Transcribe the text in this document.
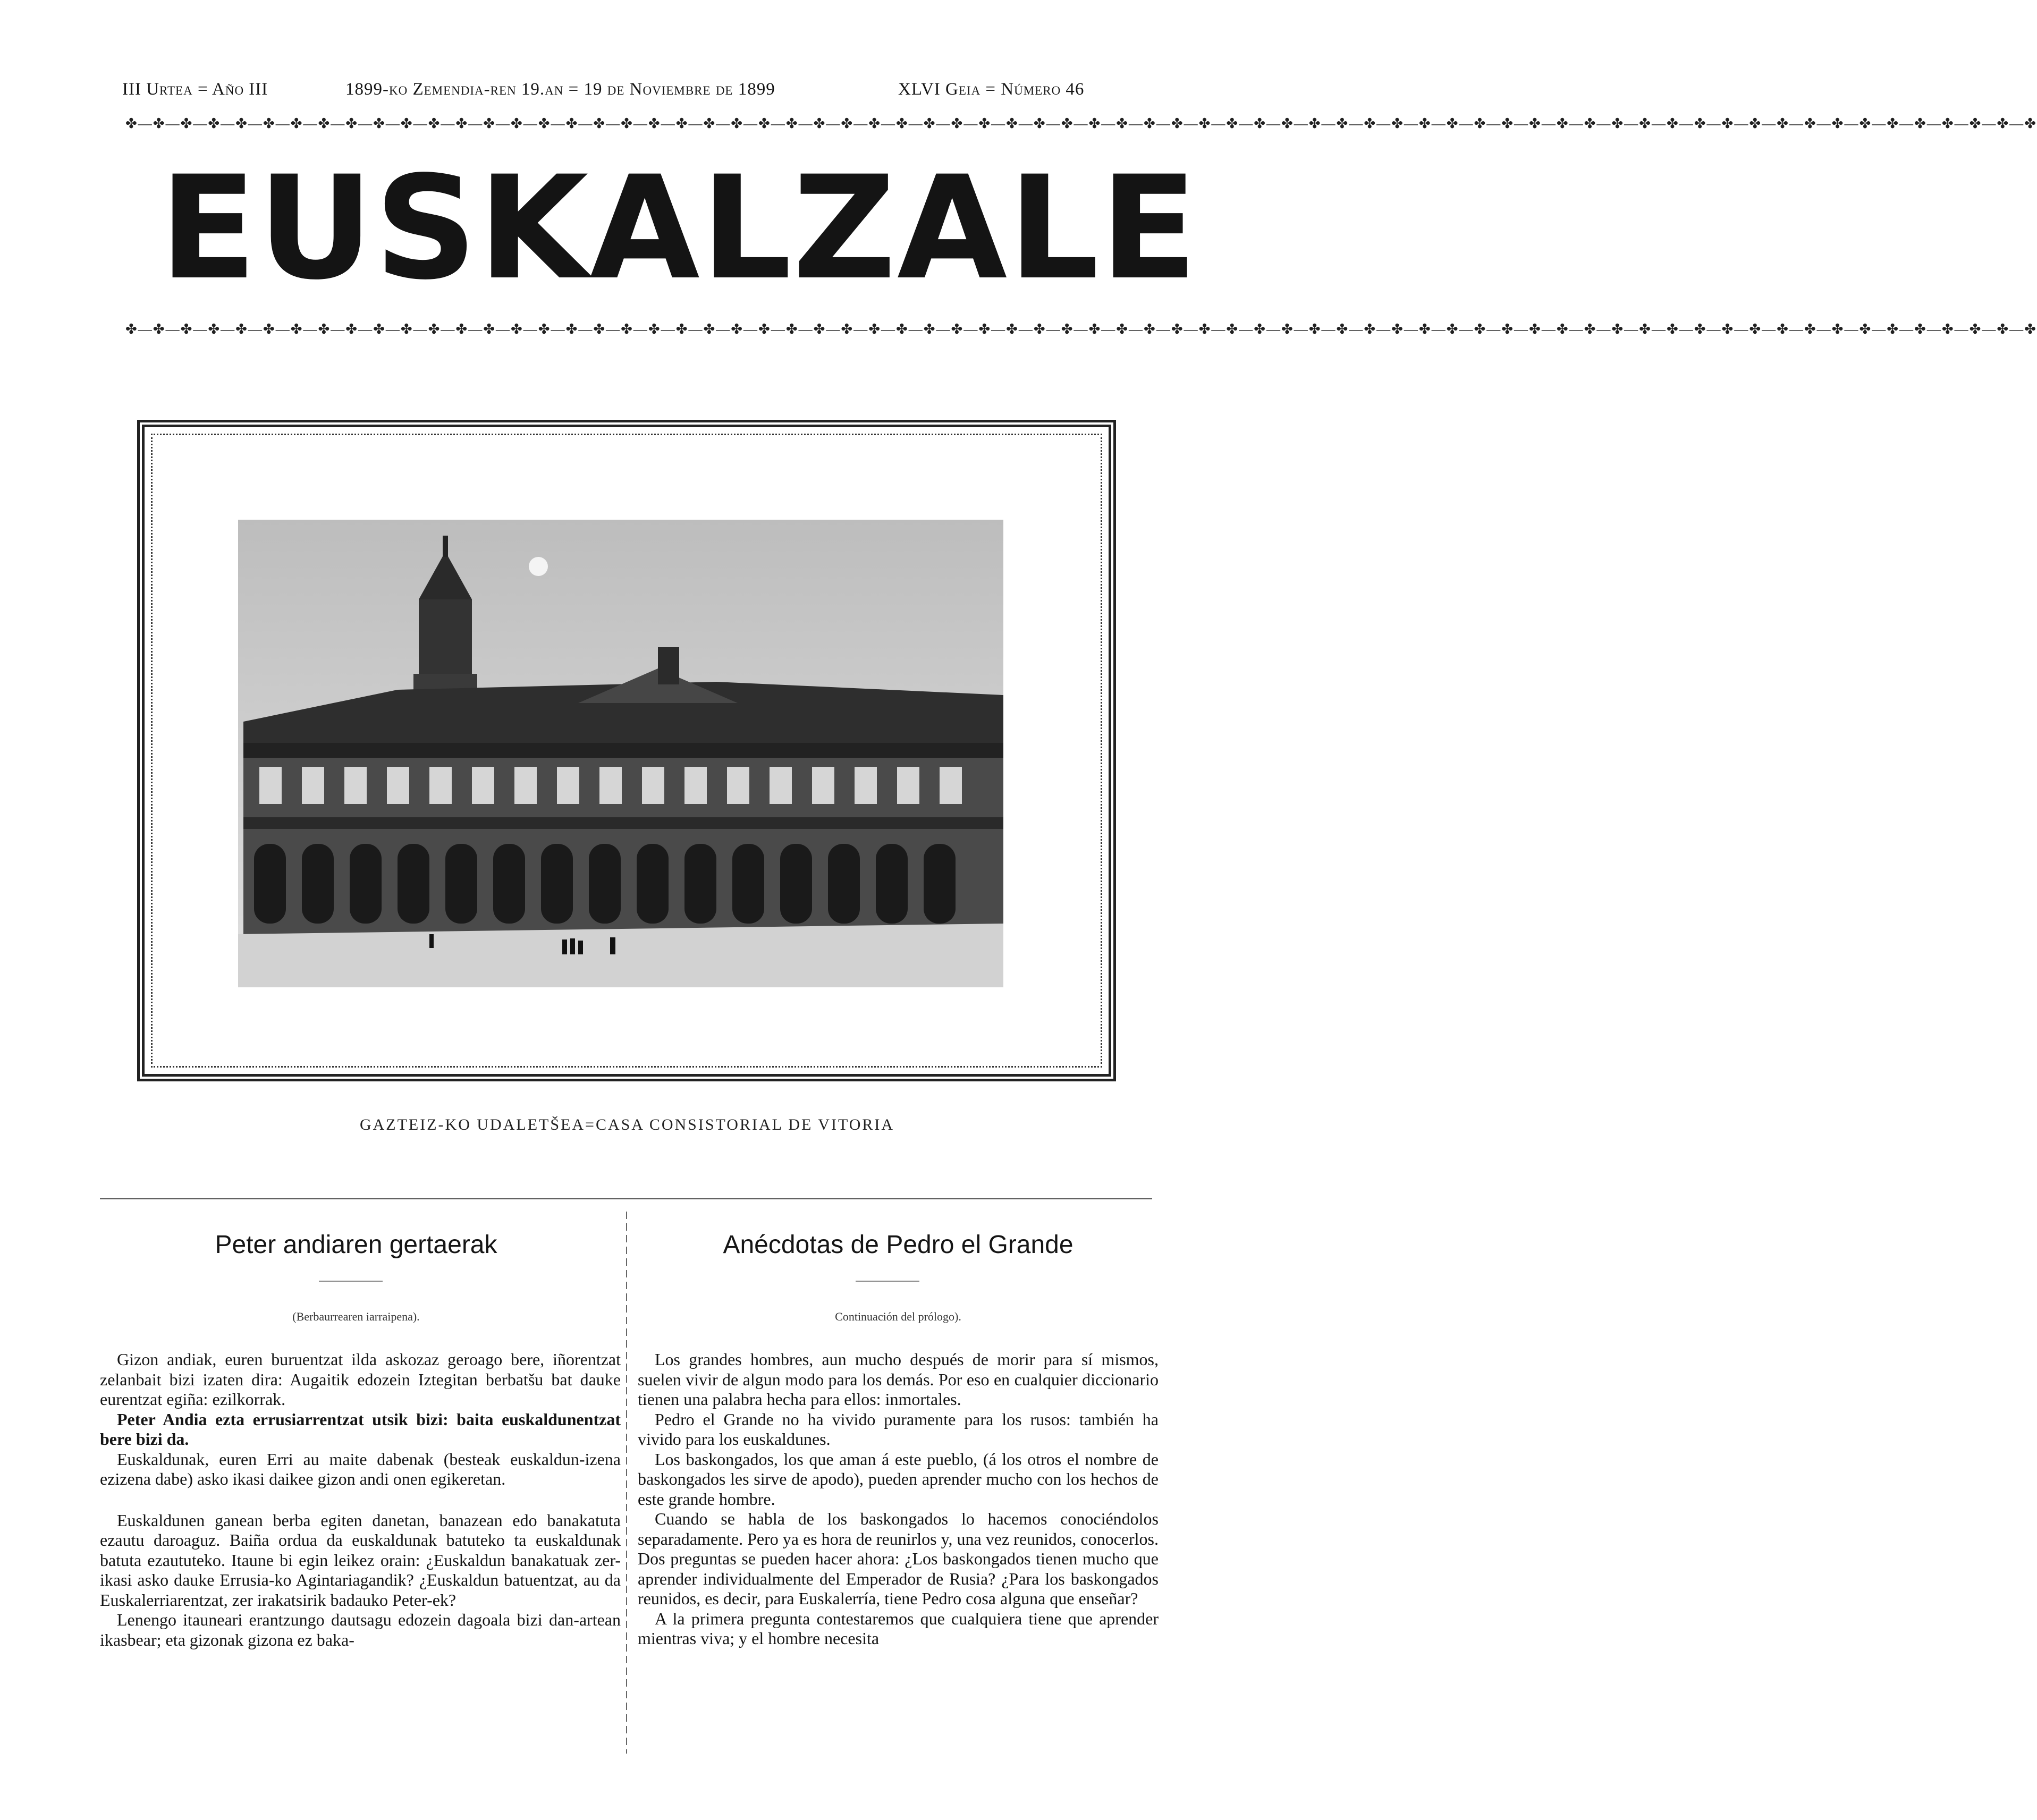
III Urtea = Año III	1899-ko Zemendia-ren 19.an = 19 de Noviembre de 1899	XLVI Geia = Número 46
✤—✤—✤—✤—✤—✤—✤—✤—✤—✤—✤—✤—✤—✤—✤—✤—✤—✤—✤—✤—✤—✤—✤—✤—✤—✤—✤—✤—✤—✤—✤—✤—✤—✤—✤—✤—✤—✤—✤—✤—✤—✤—✤—✤—✤—✤—✤—✤—✤—✤—✤—✤—✤—✤—✤—✤—✤—✤—✤—✤—✤—✤—✤—✤—✤—✤—✤—✤—✤—✤
EUSKALZALE
✤—✤—✤—✤—✤—✤—✤—✤—✤—✤—✤—✤—✤—✤—✤—✤—✤—✤—✤—✤—✤—✤—✤—✤—✤—✤—✤—✤—✤—✤—✤—✤—✤—✤—✤—✤—✤—✤—✤—✤—✤—✤—✤—✤—✤—✤—✤—✤—✤—✤—✤—✤—✤—✤—✤—✤—✤—✤—✤—✤—✤—✤—✤—✤—✤—✤—✤—✤—✤—✤
GAZTEIZ-KO UDALETŠEA=CASA CONSISTORIAL DE VITORIA
Peter andiaren gertaerak
(Berbaurrearen iarraipena).

Gizon andiak, euren buruentzat ilda askozaz geroago bere, iñorentzat zelanbait bizi izaten dira: Augaitik edozein Iztegitan berbatšu bat dauke eurentzat egiña: ezilkorrak.

Peter Andia ezta errusiarrentzat utsik bizi: baita euskaldunentzat bere bizi da.

Euskaldunak, euren Erri au maite dabenak (besteak euskaldun-izena ezizena dabe) asko ikasi daikee gizon andi onen egikeretan.

Euskaldunen ganean berba egiten danetan, banazean edo banakatuta ezautu daroaguz. Baiña ordua da euskaldunak batuteko ta euskaldunak batuta ezaututeko. Itaune bi egin leikez orain: ¿Euskaldun banakatuak zer-ikasi asko dauke Errusia-ko Agintariagandik? ¿Euskaldun batuentzat, au da Euskalerriarentzat, zer irakatsirik badauko Peter-ek?

Lenengo itauneari erantzungo dautsagu edozein dagoala bizi dan-artean ikasbear; eta gizonak gizona ez baka-

Anécdotas de Pedro el Grande
Continuación del prólogo).

Los grandes hombres, aun mucho después de morir para sí mismos, suelen vivir de algun modo para los demás. Por eso en cualquier diccionario tienen una palabra hecha para ellos: inmortales.

Pedro el Grande no ha vivido puramente para los rusos: también ha vivido para los euskaldunes.

Los baskongados, los que aman á este pueblo, (á los otros el nombre de baskongados les sirve de apodo), pueden aprender mucho con los hechos de este grande hombre.

Cuando se habla de los baskongados lo hacemos conociéndolos separadamente. Pero ya es hora de reunirlos y, una vez reunidos, conocerlos. Dos preguntas se pueden hacer ahora: ¿Los baskongados tienen mucho que aprender individualmente del Emperador de Rusia? ¿Para los baskongados reunidos, es decir, para Euskalerría, tiene Pedro cosa alguna que enseñar?

A la primera pregunta contestaremos que cualquiera tiene que aprender mientras viva; y el hombre necesita
